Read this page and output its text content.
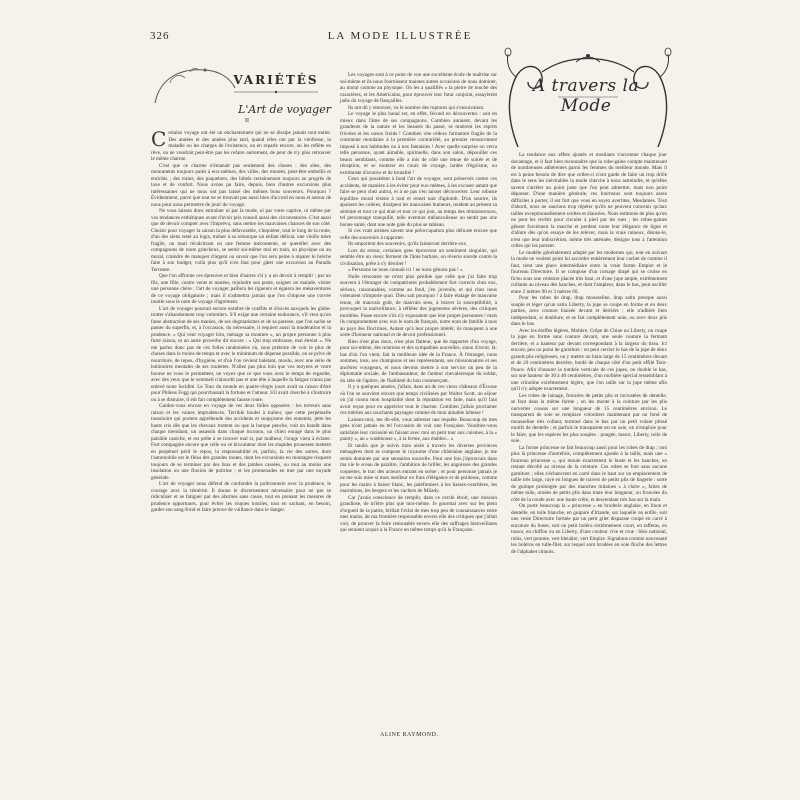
326	LA MODE ILLUSTRÉE
VARIÉTÉS
L'Art de voyager
II

Certains voyage ont été un enchantement qui ne se dissipe jamais tout entier. Des années et des années plus tard, quand elles ont par la vieillesse, la maladie ou les charges de l'existence, on en reparle encore, on les reflète en rêve, on ne voudrait peut-être pas les refaire autrement, de peur de n'y plus retrouver le même charme.

C'est que ce charme n'émanait pas seulement des choses : des sites, des monuments toujours parés à eux-mêmes, des villes, des musées, peut-être embellis et enrichis ; des trains, des paquebots, des hôtels certainement toujours au progrès de luxe et de confort. Nous avons pu faire, depuis, bien d'autres excursions plus intéressantes qui ne nous ont pas laissé des mêmes bons souvenirs. Pourquoi ? Évidemment, parce que tout ne se trouvait pas aussi bien d'accord en nous et autour de nous pour nous permettre de jouir du voyage.

Ne vous laissez donc entraîner ni par la mode, ni par votre caprice, ni même par vos tendances esthétiques avant d'avoir pris conseil aussi des circonstances. C'est aussi que de devoir compter avec l'imprévu, sans mettre les mauvaises chances de son côté. Choisir pour voyager la saison la plus défavorable, s'inquiéter, tout le long de la route, d'un des siens resté au logis, traîner à sa remorque un enfant délicat, une vieille mère fragile, un mari récalcitrant ou une femme mécontente, se quereller avec des compagnons de route grincheux, se sentir soi-même mal en train, au physique ou au moral, craindre de manquer d'argent ou savoir que l'on sera peine à réparer le brèche faite à son budget, voilà plus qu'il n'en faut pour gâter une excursion au Paradis Terrestre.

Que l'on affronte ces épreuves et bien d'autres s'il y a un devoir à remplir ; par un fils, une fille, contre vents et marées, rejoindre son poste, soigner un malade, visiter une personne chère ; l'art de voyager palliera les rigueurs et égaiera les mésaventures de ce voyage obligatoire ; mais il n'admettra jamais que l'on s'impose une corvée inutile sous le nom de voyage d'agrément.

L'art de voyager pourrait encore nombre de conflits et d'excès auxquels les globe-trotter s'abandonnent trop volontiers. S'il exige une certaine endurance, s'il veut qu'on fasse abstraction de ses manies, de ses dogmatismes et de sa paresse, que l'on sache se passer du superflu, et, à l'occasion, du nécessaire, il requiert aussi la modération et la prudence. « Qui veut voyager loin, ménage sa monture », un propre personne à plus forte raison, et un autre proverbe dit encore : « Qui trop embrasse, mal étreint ». Ne me parlez donc pas de ces folles randonnées où, sous prétexte de voir le plus de choses dans le moins de temps et avec le minimum de dépense possible, on se prive de nourriture, de repos, d'hygiène, et d'où l'on revient haletant, moulu, avec une série de bobinoires mentales de ses roulettes. N'allez pas plus loin que vos moyens et votre bourse ne vous le permettent, ne voyez que ce que vous avez le temps de regarder, avec des yeux que le sommeil n'alourdit pas et une tête à laquelle la fatigue n'aura pas enlevé toute lucidité. Le Tour du monde en quatre-vingts jours avait sa raison d'être pour Phileas Fogg qui pourchassait la fortune et l'amour. S'il avait cherché à s'instruire ou à se distraire, il eût fait complètement fausse route.

Gardez-vous encore en voyage de ces deux folles opposées : les terreurs sans raison et les vaines imprudences. Terrible boulet à traîner, que cette perpétuelle transitoire qui portent appréhende des accidents et soupçonne des ennemis, jette les hauts cris dès que les chevaux trottent ou que la barque penche, voit un bandit dans chaque mendiant, un assassin dans chaque inconnu, un chien enragé dans le plus paisible caniche, et est prête à se trouver mal si, par malheur, l'orage vient à éclater. Fort compagnie encore que celle ou ce brocanteur dont les stupides prouesses mettent en perpétuel péril le repos, la responsabilité et, parfois, la vie des autres, dont l'automobile est le fléau des grandes routes, dont les excursions en montagne risquent toujours de se terminer par des bras et des jambes cassées, ou tout au moins une insolation ou une fluxion de poitrine ; et les promenades en mer par une noyade générale.

L'art de voyager nous défend de confondre la poltronnerie avec la prudence, le courage avec la témérité. Il donne le discernement nécessaire pour ne pas se ridiculiser et se fatiguer par des alarmes sans cause, tout en prenant les mesures de prudence opportunes, pour éviter les risques inutiles, tout en sachant, en besoin, garder son sang-froid et faire preuve de vaillance dans le danger.

Les voyages sont à ce point de vue une excellente école de maîtrise sur soi-même et ils nous fournissent maintes autres occasions de nous dominer, au moral comme au physique. On les a qualifiés « la pierre de touche des caractères, et les Américains, pour éprouver leur futur conjoint, essayèrent jadis du voyage de fiançailles.

Ils ont dû y renoncer, vu le nombre des ruptures qui s'ensuivaient.

Le voyage le plus banal est, en effet, fécond en découvertes : soit en mieux dans l'âme de ses compagnons. Combien auraient, devant les grandeurs de la nature et les beautés du passé, se muèrent les esprits frivoles et les cœurs froids ! Combien vite cèdera l'armature fragile de la contrainte mondaine à la première contrariété, au premier renoncement imposé à nos habitudes ou à nos fantaisies ! Avec quelle surprise on verra telle personne, ayant aimable, spirituelle, dans son salon, dépouiller ces beaux semblants, comme elle a mis de côté une tenue de soirée et de réception, et se montrer en cours de voyage, lardée d'égoïsme, ou extrémiste d'avarice et de brutalité !

Ceux qui possèdent à fond l'art de voyager, sont préservés contre ces accidents, de manière à les éviter pour eux-mêmes, à les excuser autant que faire se peut chez autrui, et à ne pas s'en laisser déconcerter. Leur robuste équilibre moral résiste à tout et remet tout d'aplomb. D'un sourire, ils apaisent les colères, dissipent les mauvaises humeurs, rendent au présent sa sérénité et tout ce qui était et tout ce qui jour, au temps des réminiscences, tel personnage tranquille, telle aventure mélancolieuse au sentit pas une bonne santé, dont une note gaie du plus se tableau.

Si ces vrais artistes savent une préoccupation plus délicate encore que celle des souvenirs à rapporter.

Ils emportent des souvenirs, qu'ils laisseront derrière eux.

Lors du retour, certaines gens éprouvent un sentiment singulier, qui semble être un vieux ferment de l'âme barbare, on rêverie sourde contre la civilisation, prête à s'y dérober !

« Personne ne nous connaît ici ! ne nous gênons pas ! »

Nulle rencontre ne m'est plus pénible que celle que j'ai faite trop souvent à l'étranger de compatriotes probablement fort corrects chez eux, sérieux, raisonnables, comme au fond, j'en juvenile, et qui chez nous voleraient n'importe quoi. Dieu sait pourquoi ! à faire étalage de mauvaise tenue, de mauvais goût, de mauvais sens, à braver la susceptibilité, à provoquer la malveillance, à réfléter des jugements sévères, des critiques moribles. Passe encore s'ils n'y exposaient que leur propre personnes ! mais ils compromettent avec eux le nom de français, notre nom de famille à tous au pays des Doctrines. Autant qu'à leur propre intérêt, ils manquent à une sorte d'honneur national et de devoir professionnel.

Rien n'est plus doux, n'est plus flatteur, que de rapporter d'un voyage, pour soi-même, des relations et des sympathies nouvelles, sinon d'avoir, là-bas d'où l'on vient, fait la meilleure idée de la France. À l'étranger, nous sommes, tous, ses champions et ses représentants, ses missionnaires et ses ancêtres voyageurs, et nous devons mettre à son service un peu de la diplomatie sociale, de l'ambassadeur, de l'ardeur chevaleresque du soldat, du zèle de l'apôtre, de l'habileté du bon commerçant.

Il y a quelques années, j'allais, dans un de ces vieux châteaux d'Écosse où l'on se souvient encore que temps civilisées par Walter Scott, un séjour où j'ai connu mon hospitalité dont la réputation est faite, mais qu'il faut avoir reçue pour en apprécier tout le charme. Combien j'allais proclamer ces mérites aux touchants paysages comme de mon aimable hôtesse !

Laissez-moi, me dit-elle, vous adresser une requête. Beaucoup de mes gens n'ont jamais eu tel l'occasion de voir une Française. Voudriez-vous satisfaire leur curiosité en faisant avec moi un petit tour aux cuisines, à la « pantry », au « washhouse », à la ferme, aux étables... »

Et tandis que je suivis mon aisée à travers les diverses provinces ménagères dont se compose le royaume d'une châtelaine anglaise, je me sentis dominée par une sensation nouvelle. Pour une fois j'éprouvais dans ma vie le sceau de paraître, l'ambition de briller, les angoisses des grandes coquettes, le trac des acteurs entrant en scène ; et pour personne jamais je ne me suis mise si mon meilleur en frais d'élégance et de politesse, comme pour les mains à baiser blanc, les palefreniers à les basses-courtières, les marmitons, les bergers et les vachers de Milady.

Car j'avais conscience de remplir, dans ce cercle étroit, une mission grandiose, de m'être plus que moi-même. Je gourmai avec sur les plein d'orgueil de la patrie, brillait l'éclat de mes trop peu de connaissances entre mes mains, de ma frontière responsable envers elle des critiques que j'allait voir, de prouver la foire redoutable envers elle des suffrages bienveillants qui seraient acquis à la France en même temps qu'à la Française.

ALINE RAYMOND.
A travers la Mode

La tendance aux effets ajustés et moulants s'accentue chaque jour davantage, et il faut bien reconnaître que la robe-gaine compte maintenant de nombreuses adhérentes parmi les femmes du meilleur monde. Mais il est à peine besoin de dire que celles-ci n'ont garde de faire un trop drôle dans le sens les inévitables la mode chèrche à nous astreindre, et qu'elles savent s'arrêter au point juste que l'on peut admettre, mais non point dépasser. D'une manière générale, ces fourreaux sont toujours assez difficiles à porter, il est fort que vous en soyez avertites, Mesdames. Tout d'abord, nous ne saurions trop répéter qu'ils ne peuvent convenir qu'aux tailles exceptionnellement sveltes et élancées. Nous estimons de plus qu'on ne peut les revêtir pour circuler à pied par les rues ; les robes-gaines gênent forcément la marche et perdent toute leur élégance de ligne et d'allure dès qu'on essaye de les relever, mais la vraie ruineux, disons-le, n'est que leur indiscrétion, même très atténuée, désigne tous à l'attention celles qui les portent.

Le modèle généralement adopté par les modernes qui, tout en suivant la mode ne veulent point lui accorder entièrement leur cachet de comme il faut, tient une place intermédiaire entre la vraie forme Empire et le fourreau Directoire. Il se compose d'un corsage drapé qui se croise en fichu sous une ceinture placée très haut, et d'une jupe ample, extrêmement collante au niveau des hanches, et dont l'ampleur, dans le bas, peut osciller entre 2 mètres 90 et 3 mètres 60.

Pour les robes de drap, drap mousseline, drap satin presque aussi souple et léger qu'un satin Liberty, la jupe se coupe en forme et en deux parties, avec couture biaisée devant et derrière ; elle n'adhère bien indépendant, si doublure, et se fait complètement unie, ou avec deux plis dans le bas.

Avec les étoffes légères, Mohère, Crêpe de Chine ou Liberty, on coupe la jupe en forme sans couture devant, une seule couture la fermant derrière, et a hauteur par devant correspondant à la largeur du tissu. Ici encore, peu ou point de garniture : on peut cercler le bas de la jupe de deux grands plis religieuses, ou y mettre un biais large de 15 centimètres devant et de 20 centimètres derrière, bordé de chaque côté d'un petit effilé Tom-Pouce. Afin d'assurer la tombée verticale de ces jupes, on double le bas, sur une hauteur de 30 à 40 centimètres, d'un mollière spécial ressemblant à une crinoline extrêmement légère, que l'on taille sur la jupe même afin qu'il n'y adopte exactement.

Les robes de lainage, froncées de petits plis et incrustées de dentelle, se font dans la même forme ; on les monte à la ceinture par les plis ourvertes cousus sur une longueur de 15 centimètres environ. Le transparent de soie se remplace volontiers maintenant par un fond de mousseline très collant, terminé dans le bas par un petit volant plissé motifs de dentelle ; et parfois le transparent est en soie, on n'emploie pour le faire, que les espèces les plus souples : pongée, tussor, Liberty, toile de soie.

La forme princesse se fait beaucoup aussi pour les robes de drap ; non plus la princesse d'autrefois, complètement ajustée à la taille, mais une « fourreau princesse », qui moule exactement le buste et les hanches, en restant décollé au niveau de la ceinture. Ces robes se font sans aucune garniture ; elles s'échancrent en carré dans le haut sur un emplacement de taille très large, rayé en longues de travers de petits plis de lingerie : sorte de guimpe prolongée par des manches mitaines « à claire », faites de même tulle, ornées de petits plis dans toute leur longueur, ou froncées du côté de la coude avec une haute crête, et descendant très bas sur la main.

On porte beaucoup la « princesse » en broderie anglaise, en linon et dentelle, en toile blanche, en guipure d'Irlande, sur laquelle on enfile, soit une veste Directoire formée par un petit gilet disparate coupé en carré à encolure du buste, soit un petit boléro extrêmement court, en taffetas, en tussor, en chiffon ou en Liberty, d'une couleur vive et crue : bleu national, rubis, vert pomme, vert bleuâtre, vert Empire. Signalons comme nouveauté les boléros en tulle-filet, sur lequel sont brodées en soie floche des lettres de l'alphabet chinois.
